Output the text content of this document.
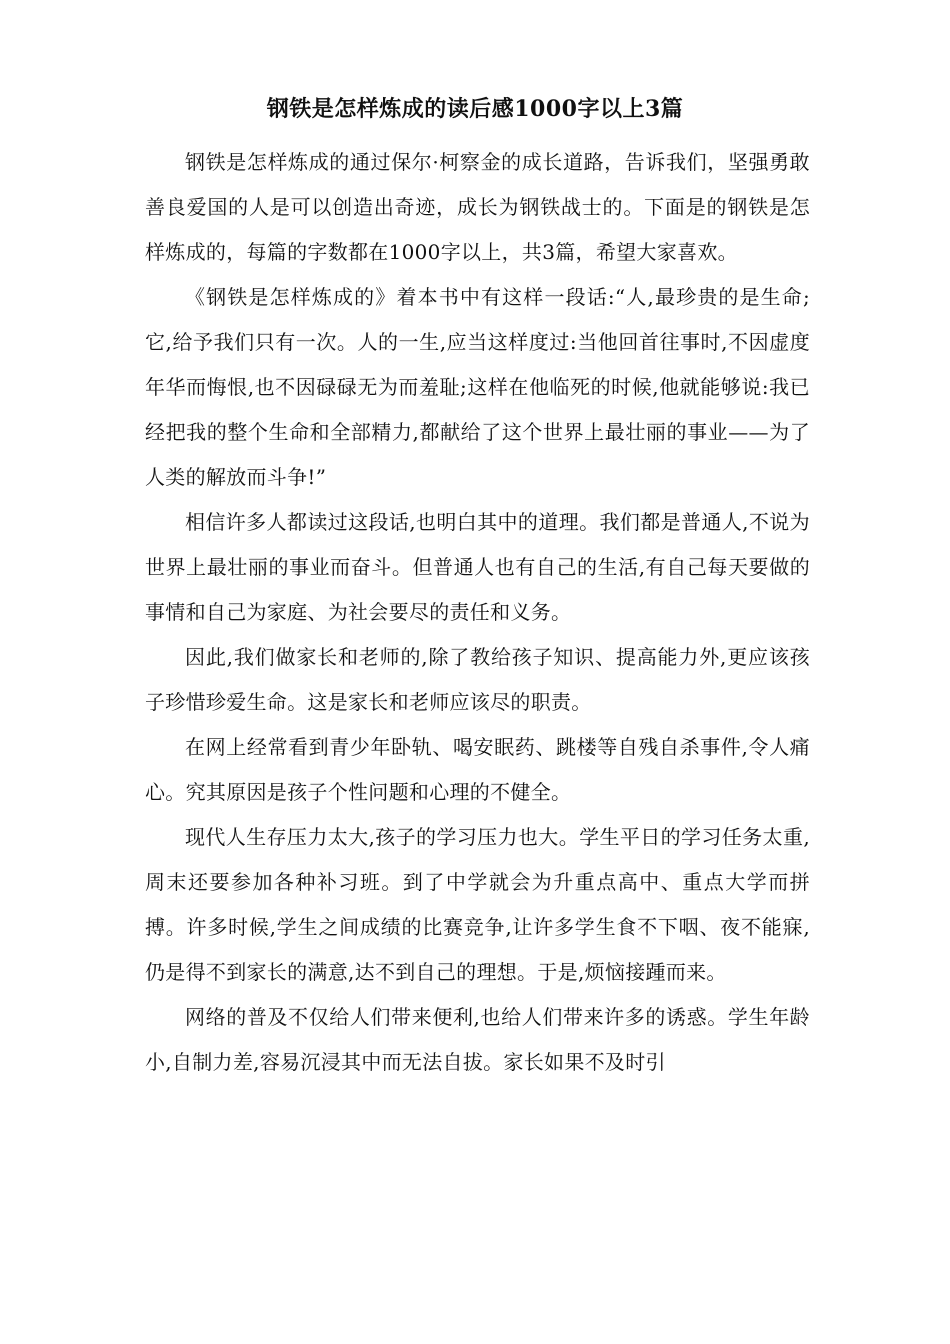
钢铁是怎样炼成的读后感1000字以上3篇

钢铁是怎样炼成的通过保尔·柯察金的成长道路，告诉我们，坚强勇敢善良爱国的人是可以创造出奇迹，成长为钢铁战士的。下面是的钢铁是怎样炼成的，每篇的字数都在1000字以上，共3篇，希望大家喜欢。

《钢铁是怎样炼成的》着本书中有这样一段话:“人,最珍贵的是生命;它,给予我们只有一次。人的一生,应当这样度过:当他回首往事时,不因虚度年华而悔恨,也不因碌碌无为而羞耻;这样在他临死的时候,他就能够说:我已经把我的整个生命和全部精力,都献给了这个世界上最壮丽的事业——为了人类的解放而斗争!”

相信许多人都读过这段话,也明白其中的道理。我们都是普通人,不说为世界上最壮丽的事业而奋斗。但普通人也有自己的生活,有自己每天要做的事情和自己为家庭、为社会要尽的责任和义务。

因此,我们做家长和老师的,除了教给孩子知识、提高能力外,更应该孩子珍惜珍爱生命。这是家长和老师应该尽的职责。

在网上经常看到青少年卧轨、喝安眠药、跳楼等自残自杀事件,令人痛心。究其原因是孩子个性问题和心理的不健全。

现代人生存压力太大,孩子的学习压力也大。学生平日的学习任务太重,周末还要参加各种补习班。到了中学就会为升重点高中、重点大学而拼搏。许多时候,学生之间成绩的比赛竞争,让许多学生食不下咽、夜不能寐,仍是得不到家长的满意,达不到自己的理想。于是,烦恼接踵而来。

网络的普及不仅给人们带来便利,也给人们带来许多的诱惑。学生年龄小,自制力差,容易沉浸其中而无法自拔。家长如果不及时引
